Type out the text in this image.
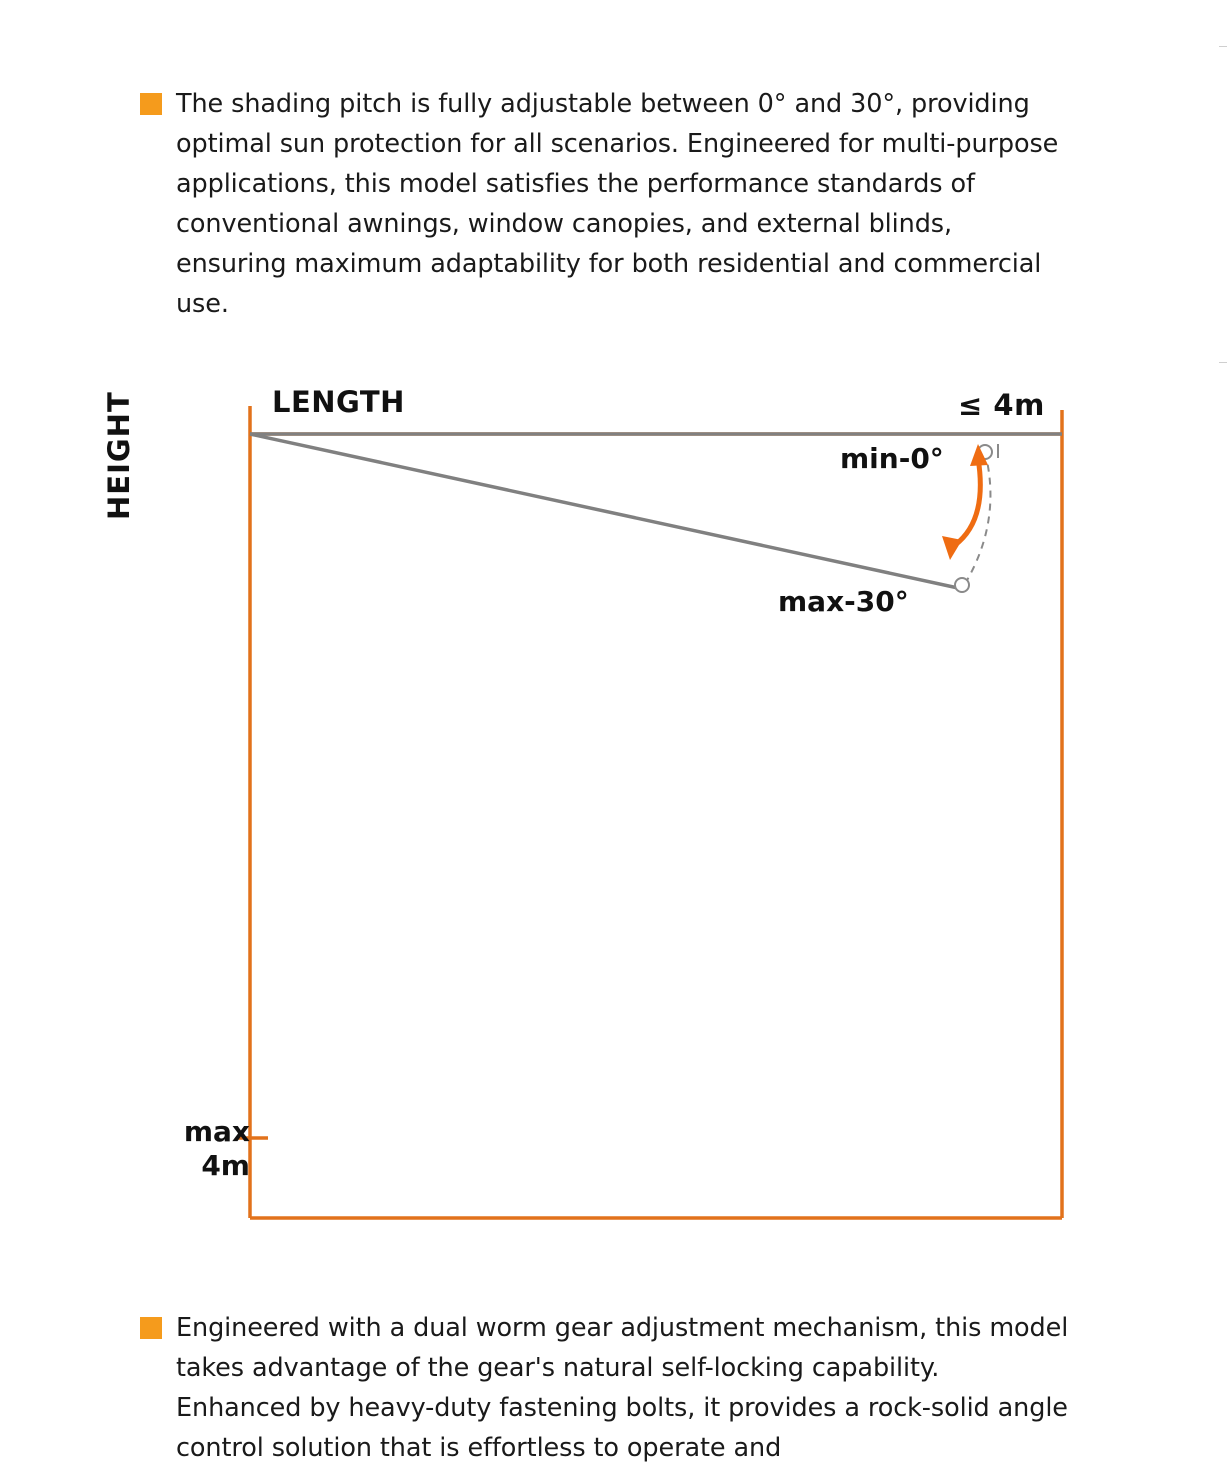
The shading pitch is fully adjustable between 0° and 30°, providing optimal sun protection for all scenarios. Engineered for multi-purpose applications, this model satisfies the performance standards of conventional awnings, window canopies, and external blinds, ensuring maximum adaptability for both residential and commercial use.
LENGTH	≤ 4m
min-0°
max-30°
HEIGHT
max
4m
Engineered with a dual worm gear adjustment mechanism, this model takes advantage of the gear's natural self-locking capability. Enhanced by heavy-duty fastening bolts, it provides a rock-solid angle control solution that is effortless to operate and
